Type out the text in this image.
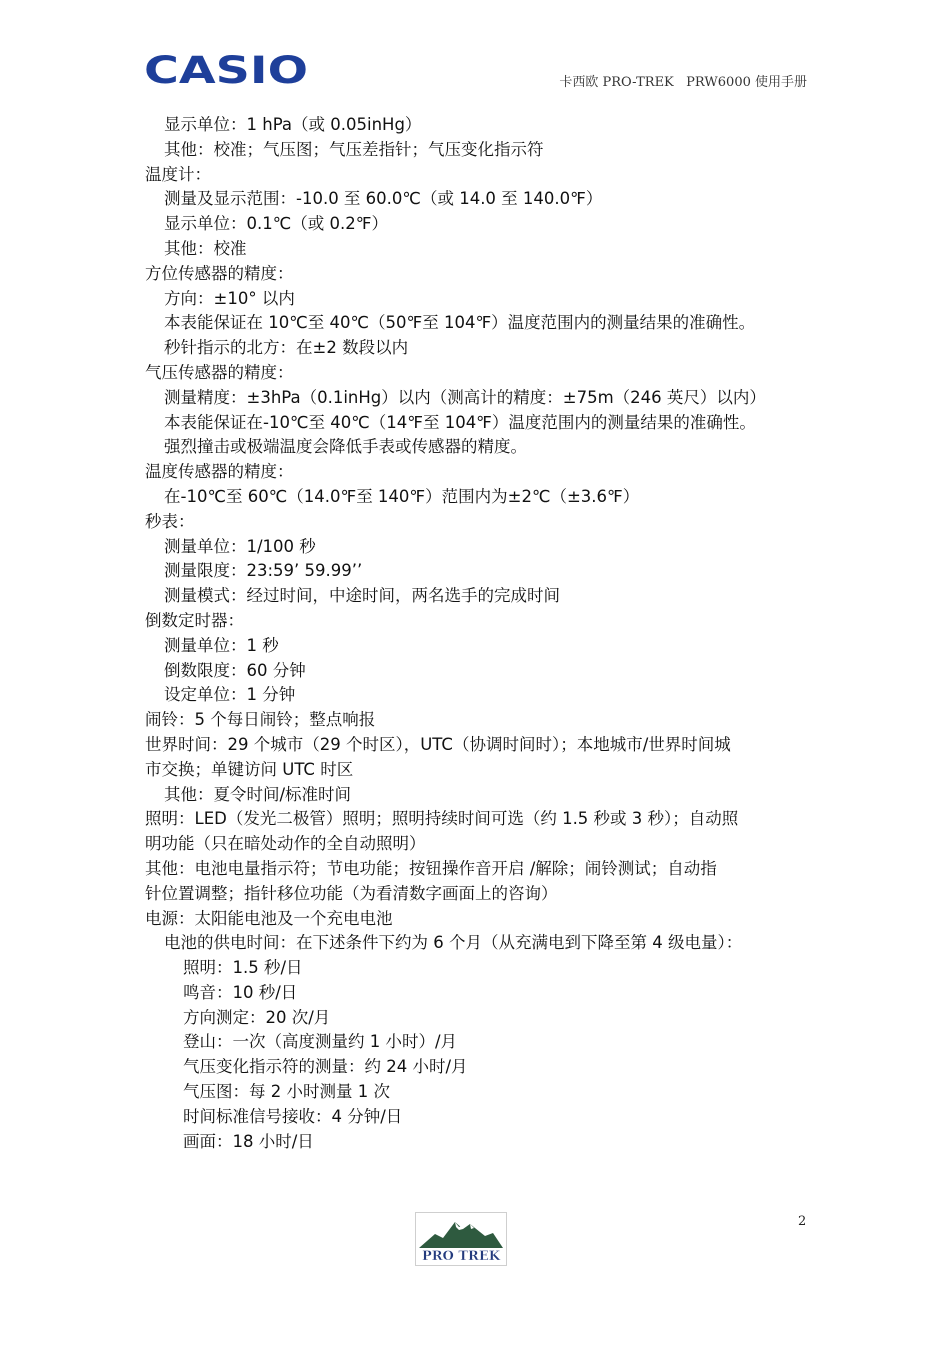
CASIO	卡西欧 PRO-TREK   PRW6000 使用手册
显示单位：1 hPa（或 0.05inHg）
其他：校准；气压图；气压差指针；气压变化指示符
温度计：
测量及显示范围：-10.0 至 60.0℃（或 14.0 至 140.0℉）
显示单位：0.1℃（或 0.2℉）
其他：校准
方位传感器的精度：
方向：±10° 以内
本表能保证在 10℃至 40℃（50℉至 104℉）温度范围内的测量结果的准确性。
秒针指示的北方：在±2 数段以内
气压传感器的精度：
测量精度：±3hPa（0.1inHg）以内（测高计的精度：±75m（246 英尺）以内）
本表能保证在-10℃至 40℃（14℉至 104℉）温度范围内的测量结果的准确性。
强烈撞击或极端温度会降低手表或传感器的精度。
温度传感器的精度：
在-10℃至 60℃（14.0℉至 140℉）范围内为±2℃（±3.6℉）
秒表：
测量单位：1/100 秒
测量限度：23:59’ 59.99’’
测量模式：经过时间，中途时间，两名选手的完成时间
倒数定时器：
测量单位：1 秒
倒数限度：60 分钟
设定单位：1 分钟
闹铃：5 个每日闹铃；整点响报
世界时间：29 个城市（29 个时区），UTC（协调时间时）；本地城市/世界时间城
市交换；单键访问 UTC 时区
其他：夏令时间/标准时间
照明：LED（发光二极管）照明；照明持续时间可选（约 1.5 秒或 3 秒）；自动照
明功能（只在暗处动作的全自动照明）
其他：电池电量指示符；节电功能；按钮操作音开启 /解除；闹铃测试；自动指
针位置调整；指针移位功能（为看清数字画面上的咨询）
电源：太阳能电池及一个充电电池
电池的供电时间：在下述条件下约为 6 个月（从充满电到下降至第 4 级电量）：
照明：1.5 秒/日
鸣音：10 秒/日
方向测定：20 次/月
登山：一次（高度测量约 1 小时）/月
气压变化指示符的测量：约 24 小时/月
气压图：每 2 小时测量 1 次
时间标准信号接收：4 分钟/日
画面：18 小时/日
2
PRO TREK
